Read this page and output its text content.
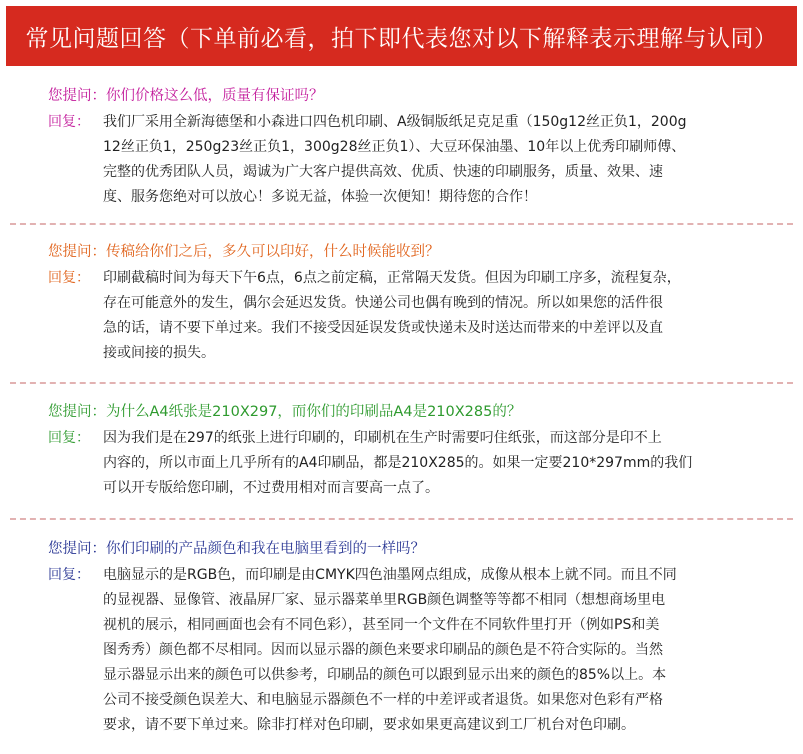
常见问题回答（下单前必看，拍下即代表您对以下解释表示理解与认同）
您提问：你们价格这么低，质量有保证吗？
回复： 我们厂采用全新海德堡和小森进口四色机印刷、A级铜版纸足克足重（150g12丝正负1，200g
12丝正负1，250g23丝正负1，300g28丝正负1）、大豆环保油墨、10年以上优秀印刷师傅、
完整的优秀团队人员，竭诚为广大客户提供高效、优质、快速的印刷服务，质量、效果、速
度、服务您绝对可以放心！多说无益，体验一次便知！期待您的合作！
您提问：传稿给你们之后，多久可以印好，什么时候能收到？
回复： 印刷截稿时间为每天下午6点，6点之前定稿，正常隔天发货。但因为印刷工序多，流程复杂，
存在可能意外的发生，偶尔会延迟发货。快递公司也偶有晚到的情况。所以如果您的活件很
急的话，请不要下单过来。我们不接受因延误发货或快递未及时送达而带来的中差评以及直
接或间接的损失。
您提问：为什么A4纸张是210X297，而你们的印刷品A4是210X285的？
回复： 因为我们是在297的纸张上进行印刷的，印刷机在生产时需要叼住纸张，而这部分是印不上
内容的，所以市面上几乎所有的A4印刷品，都是210X285的。如果一定要210*297mm的我们
可以开专版给您印刷，不过费用相对而言要高一点了。
您提问：你们印刷的产品颜色和我在电脑里看到的一样吗？
回复： 电脑显示的是RGB色，而印刷是由CMYK四色油墨网点组成，成像从根本上就不同。而且不同
的显视器、显像管、液晶屏厂家、显示器菜单里RGB颜色调整等等都不相同（想想商场里电
视机的展示，相同画面也会有不同色彩），甚至同一个文件在不同软件里打开（例如PS和美
图秀秀）颜色都不尽相同。因而以显示器的颜色来要求印刷品的颜色是不符合实际的。当然
显示器显示出来的颜色可以供参考，印刷品的颜色可以跟到显示出来的颜色的85%以上。本
公司不接受颜色误差大、和电脑显示器颜色不一样的中差评或者退货。如果您对色彩有严格
要求，请不要下单过来。除非打样对色印刷，要求如果更高建议到工厂机台对色印刷。
